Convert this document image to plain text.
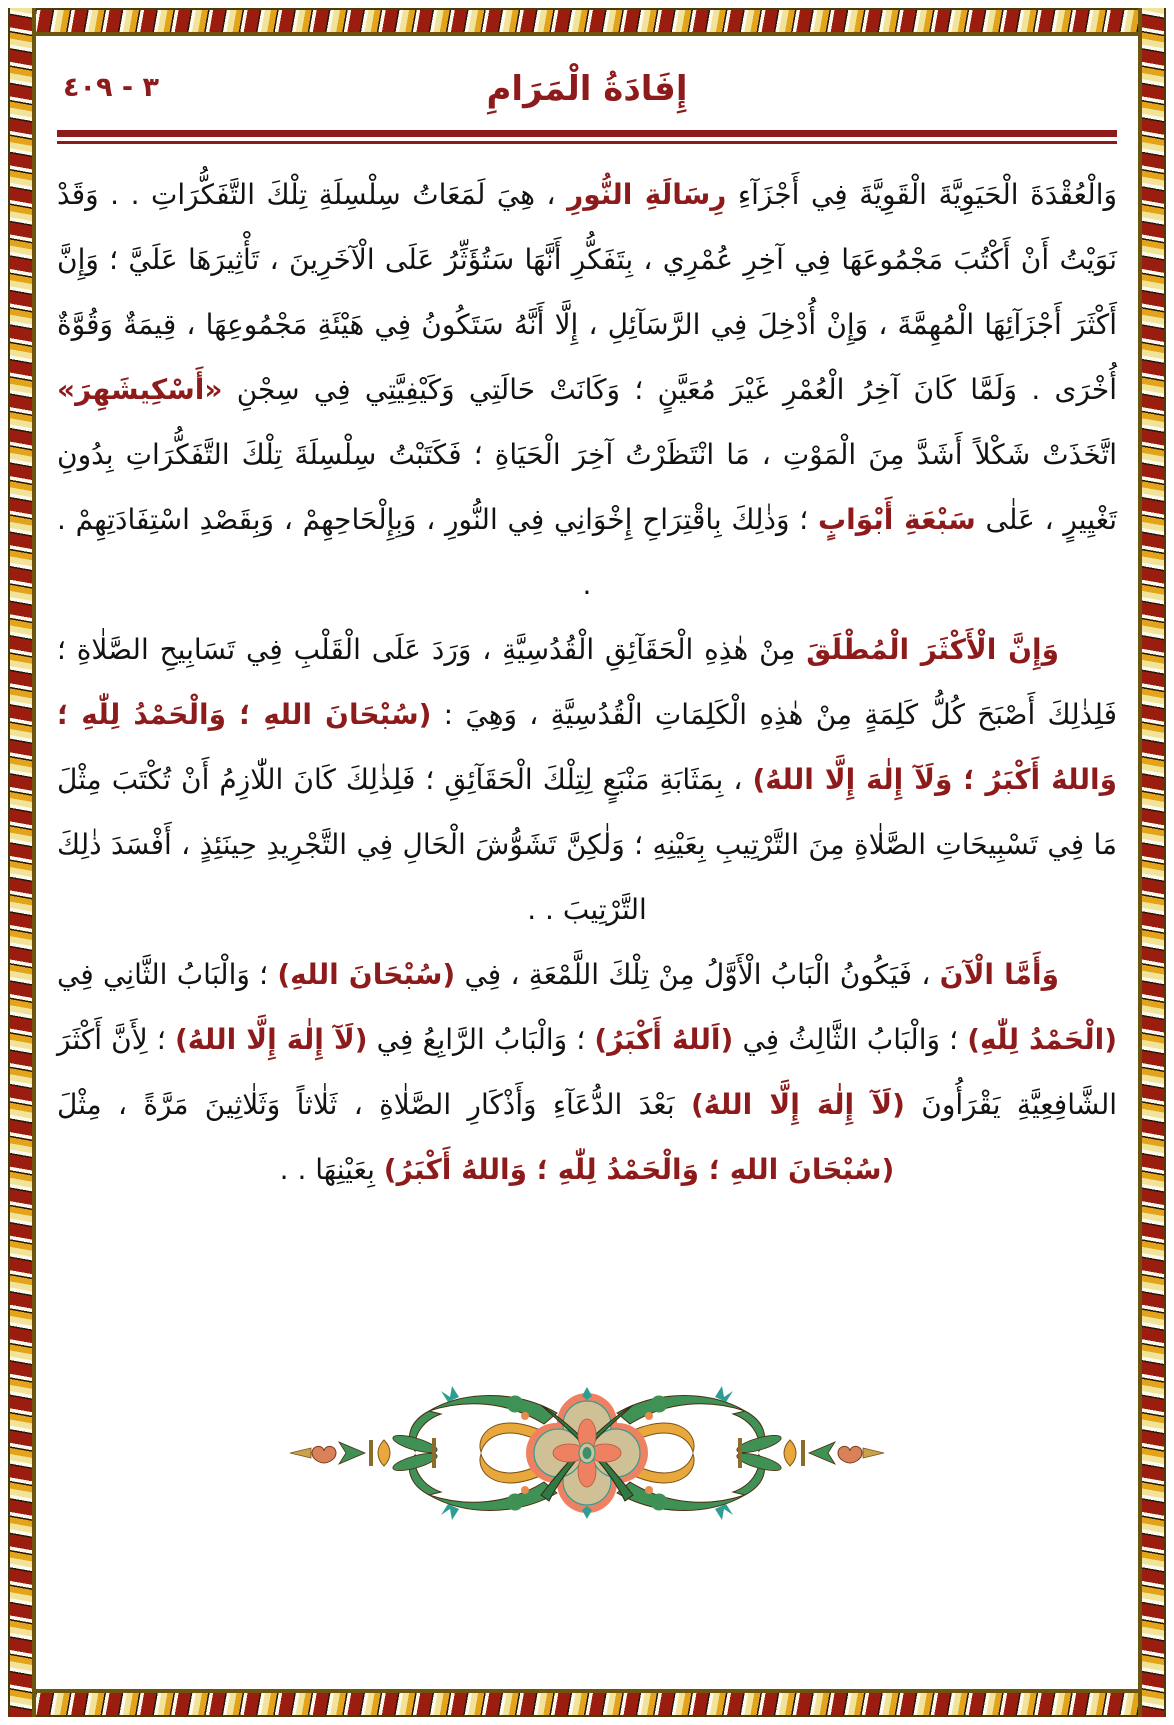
٣ - ٤٠٩	إِفَادَةُ الْمَرَامِ
وَالْعُقْدَةَ الْحَيَوِيَّةَ الْقَوِيَّةَ فِي أَجْزَآءِ رِسَالَةِ النُّورِ ، هِيَ لَمَعَاتُ سِلْسِلَةِ تِلْكَ التَّفَكُّرَاتِ . . وَقَدْ نَوَيْتُ أَنْ أَكْتُبَ مَجْمُوعَهَا فِي آخِرِ عُمْرِي ، بِتَفَكُّرِ أَنَّهَا سَتُؤَثِّرُ عَلَى الْآخَرِينَ ، تَأْثِيرَهَا عَلَيَّ ؛ وَإِنَّ أَكْثَرَ أَجْزَآئِهَا الْمُهِمَّةَ ، وَإِنْ أُدْخِلَ فِي الرَّسَآئِلِ ، إِلَّا أَنَّهُ سَتَكُونُ فِي هَيْئَةِ مَجْمُوعِهَا ، قِيمَةٌ وَقُوَّةٌ أُخْرَى . وَلَمَّا كَانَ آخِرُ الْعُمْرِ غَيْرَ مُعَيَّنٍ ؛ وَكَانَتْ حَالَتِي وَكَيْفِيَّتِي فِي سِجْنِ «أَسْكِيشَهِرَ» اتَّخَذَتْ شَكْلاً أَشَدَّ مِنَ الْمَوْتِ ، مَا انْتَظَرْتُ آخِرَ الْحَيَاةِ ؛ فَكَتَبْتُ سِلْسِلَةَ تِلْكَ التَّفَكُّرَاتِ بِدُونِ تَغْيِيرٍ ، عَلٰى سَبْعَةِ أَبْوَابٍ ؛ وَذٰلِكَ بِاقْتِرَاحِ إِخْوَانِي فِي النُّورِ ، وَبِإِلْحَاحِهِمْ ، وَبِقَصْدِ اسْتِفَادَتِهِمْ . .
وَإِنَّ الْأَكْثَرَ الْمُطْلَقَ مِنْ هٰذِهِ الْحَقَآئِقِ الْقُدُسِيَّةِ ، وَرَدَ عَلَى الْقَلْبِ فِي تَسَابِيحِ الصَّلٰاةِ ؛ فَلِذٰلِكَ أَصْبَحَ كُلُّ كَلِمَةٍ مِنْ هٰذِهِ الْكَلِمَاتِ الْقُدُسِيَّةِ ، وَهِيَ : (سُبْحَانَ اللهِ ؛ وَالْحَمْدُ لِلّٰهِ ؛ وَاللهُ أَكْبَرُ ؛ وَلَآ إِلٰهَ إِلَّا اللهُ) ، بِمَثَابَةِ مَنْبَعٍ لِتِلْكَ الْحَقَآئِقِ ؛ فَلِذٰلِكَ كَانَ اللّٰازِمُ أَنْ تُكْتَبَ مِثْلَ مَا فِي تَسْبِيحَاتِ الصَّلٰاةِ مِنَ التَّرْتِيبِ بِعَيْنِهِ ؛ وَلٰكِنَّ تَشَوُّشَ الْحَالِ فِي التَّجْرِيدِ حِينَئِذٍ ، أَفْسَدَ ذٰلِكَ التَّرْتِيبَ . .
وَأَمَّا الْآنَ ، فَيَكُونُ الْبَابُ الْأَوَّلُ مِنْ تِلْكَ اللَّمْعَةِ ، فِي (سُبْحَانَ اللهِ) ؛ وَالْبَابُ الثَّانِي فِي (الْحَمْدُ لِلّٰهِ) ؛ وَالْبَابُ الثَّالِثُ فِي (اَللهُ أَكْبَرُ) ؛ وَالْبَابُ الرَّابِعُ فِي (لَآ إِلٰهَ إِلَّا اللهُ) ؛ لِأَنَّ أَكْثَرَ الشَّافِعِيَّةِ يَقْرَأُونَ (لَآ إِلٰهَ إِلَّا اللهُ) بَعْدَ الدُّعَآءِ وَأَذْكَارِ الصَّلٰاةِ ، ثَلٰاثاً وَثَلٰاثِينَ مَرَّةً ، مِثْلَ (سُبْحَانَ اللهِ ؛ وَالْحَمْدُ لِلّٰهِ ؛ وَاللهُ أَكْبَرُ) بِعَيْنِهَا . .
